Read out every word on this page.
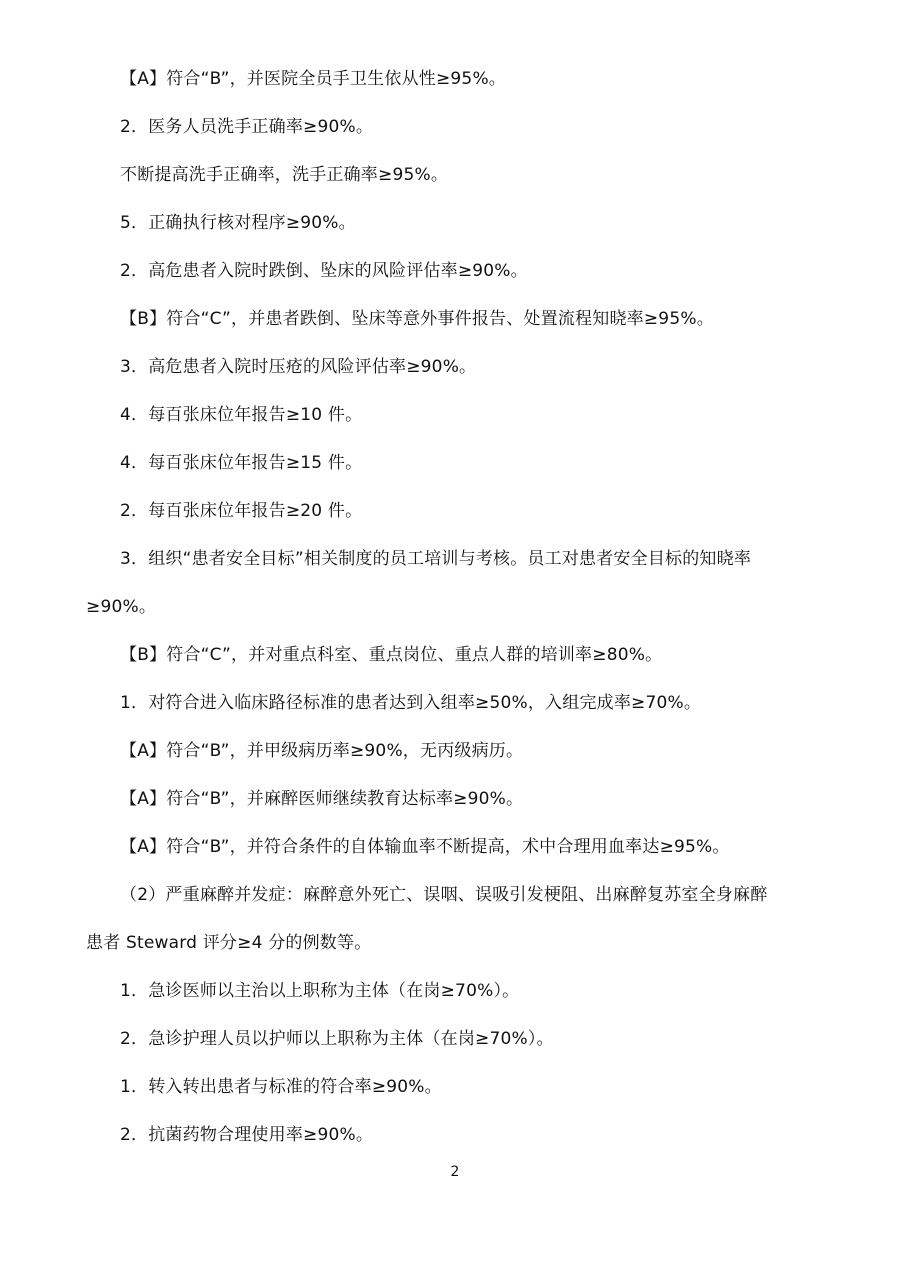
【A】符合“B”，并医院全员手卫生依从性≥95%。
2．医务人员洗手正确率≥90%。
不断提高洗手正确率，洗手正确率≥95%。
5．正确执行核对程序≥90%。
2．高危患者入院时跌倒、坠床的风险评估率≥90%。
【B】符合“C”，并患者跌倒、坠床等意外事件报告、处置流程知晓率≥95%。
3．高危患者入院时压疮的风险评估率≥90%。
4．每百张床位年报告≥10 件。
4．每百张床位年报告≥15 件。
2．每百张床位年报告≥20 件。
3．组织“患者安全目标”相关制度的员工培训与考核。员工对患者安全目标的知晓率
≥90%。
【B】符合“C”，并对重点科室、重点岗位、重点人群的培训率≥80%。
1．对符合进入临床路径标准的患者达到入组率≥50%，入组完成率≥70%。
【A】符合“B”，并甲级病历率≥90%，无丙级病历。
【A】符合“B”，并麻醉医师继续教育达标率≥90%。
【A】符合“B”，并符合条件的自体输血率不断提高，术中合理用血率达≥95%。
（2）严重麻醉并发症：麻醉意外死亡、误咽、误吸引发梗阻、出麻醉复苏室全身麻醉
患者 Steward 评分≥4 分的例数等。
1．急诊医师以主治以上职称为主体（在岗≥70%）。
2．急诊护理人员以护师以上职称为主体（在岗≥70%）。
1．转入转出患者与标准的符合率≥90%。
2．抗菌药物合理使用率≥90%。
2
